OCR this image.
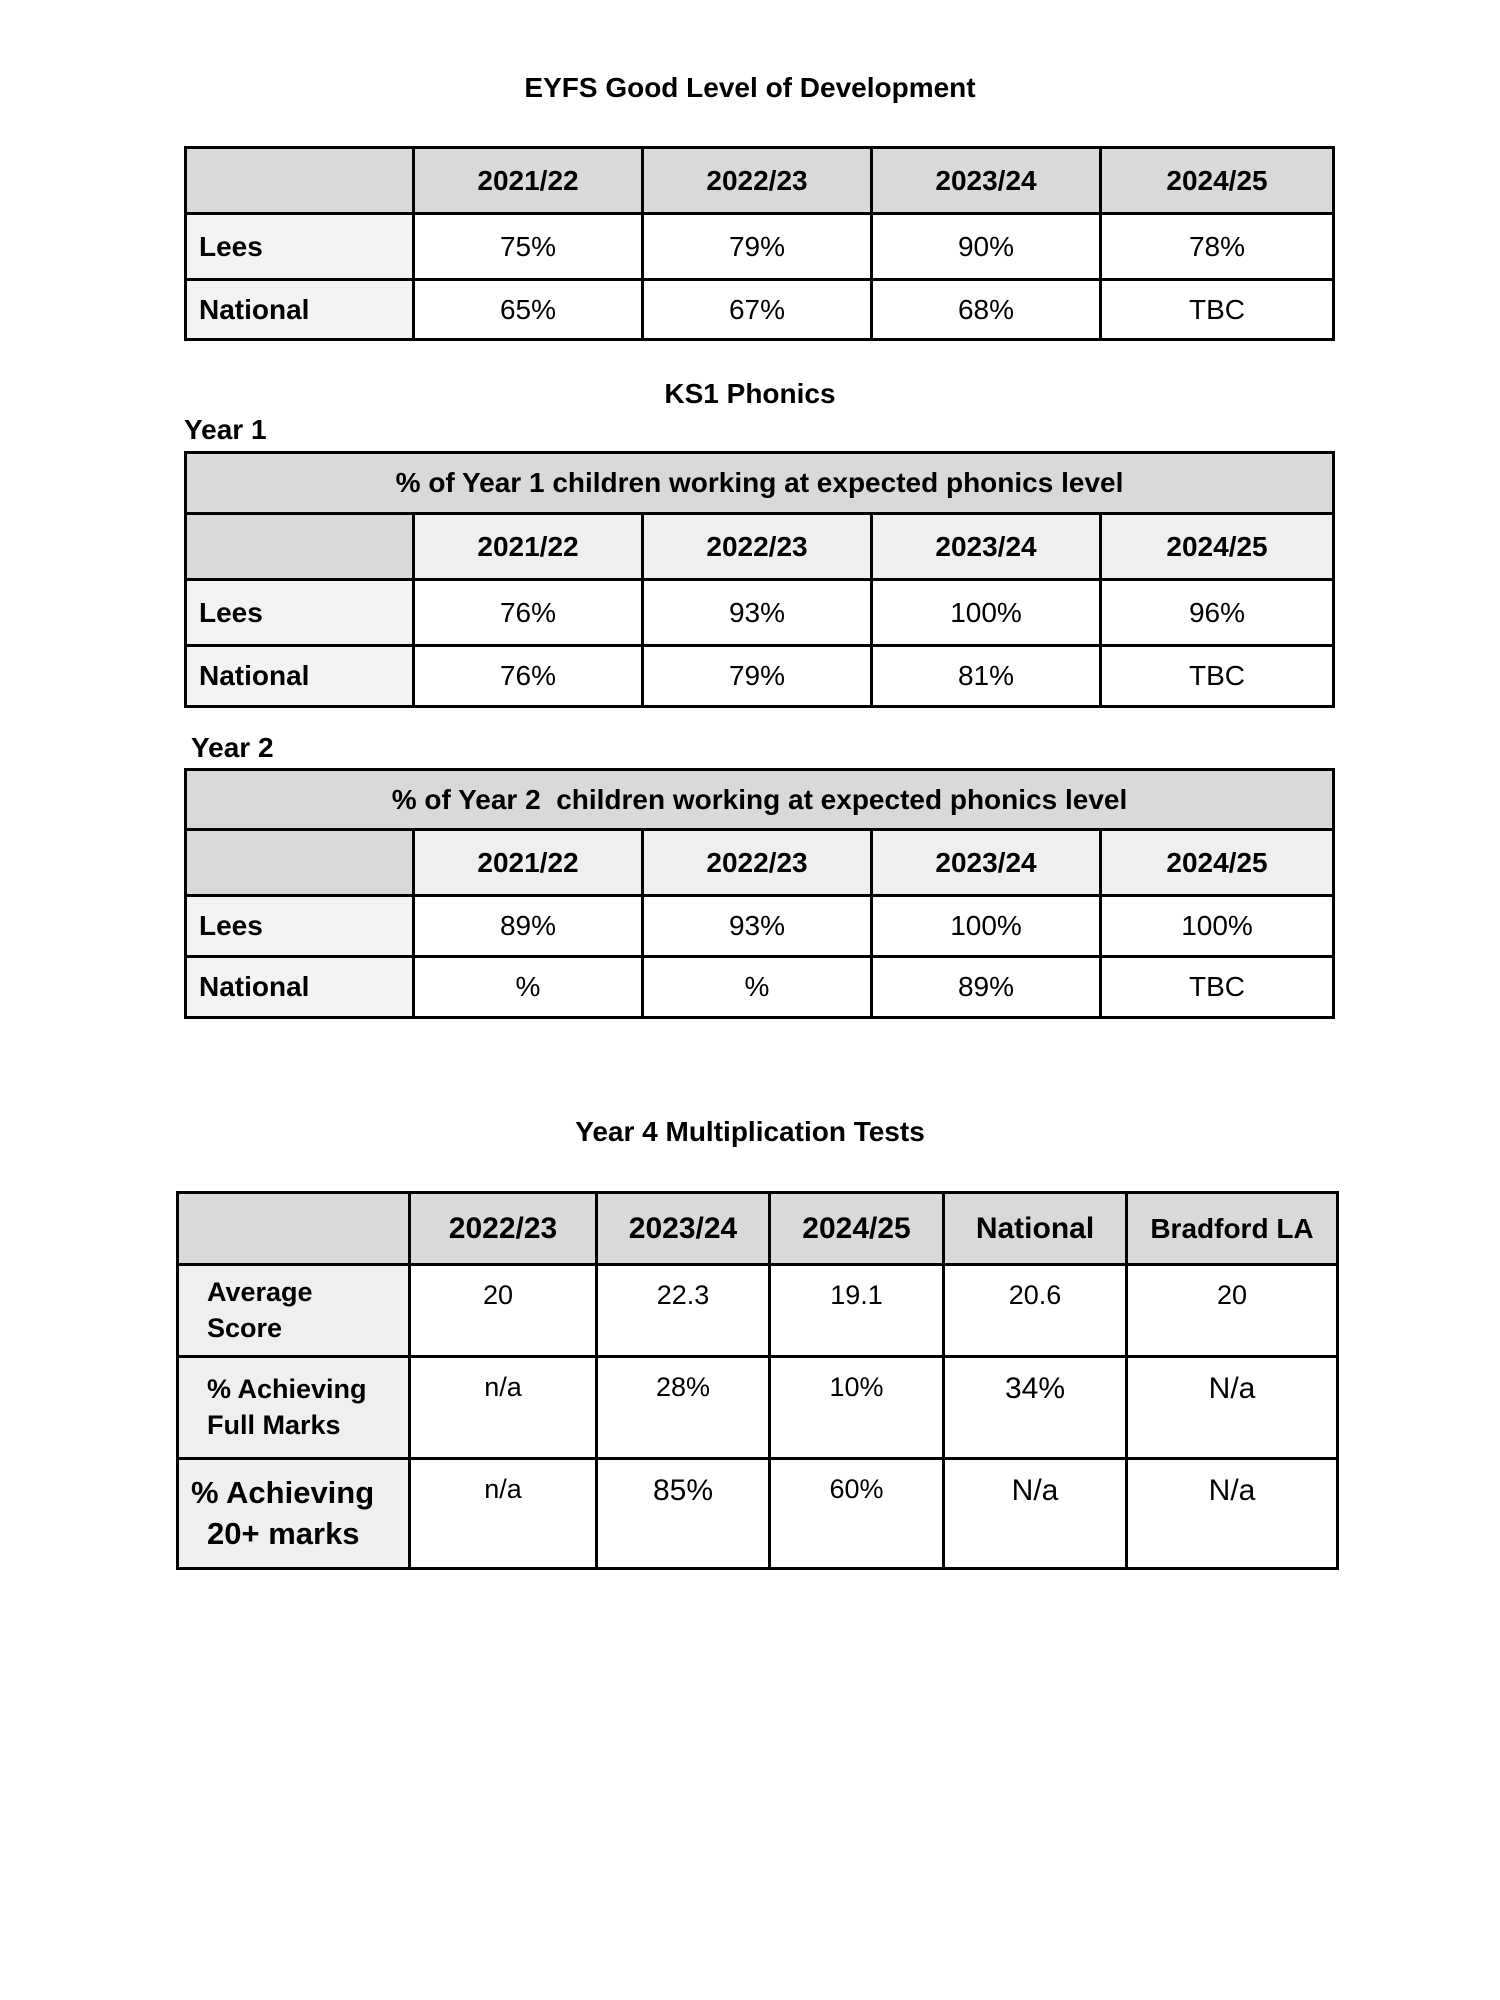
EYFS Good Level of Development
	2021/22	2022/23	2023/24	2024/25
Lees	75%	79%	90%	78%
National	65%	67%	68%	TBC
KS1 Phonics
Year 1
% of Year 1 children working at expected phonics level				
	2021/22	2022/23	2023/24	2024/25
Lees	76%	93%	100%	96%
National	76%	79%	81%	TBC
Year 2
% of Year 2  children working at expected phonics level				
	2021/22	2022/23	2023/24	2024/25
Lees	89%	93%	100%	100%
National	%	%	89%	TBC
Year 4 Multiplication Tests
	2022/23	2023/24	2024/25	National	Bradford LA
Average
Score	20	22.3	19.1	20.6	20
% Achieving
Full Marks	n/a	28%	10%	34%	N/a
% Achieving
20+ marks	n/a	85%	60%	N/a	N/a
